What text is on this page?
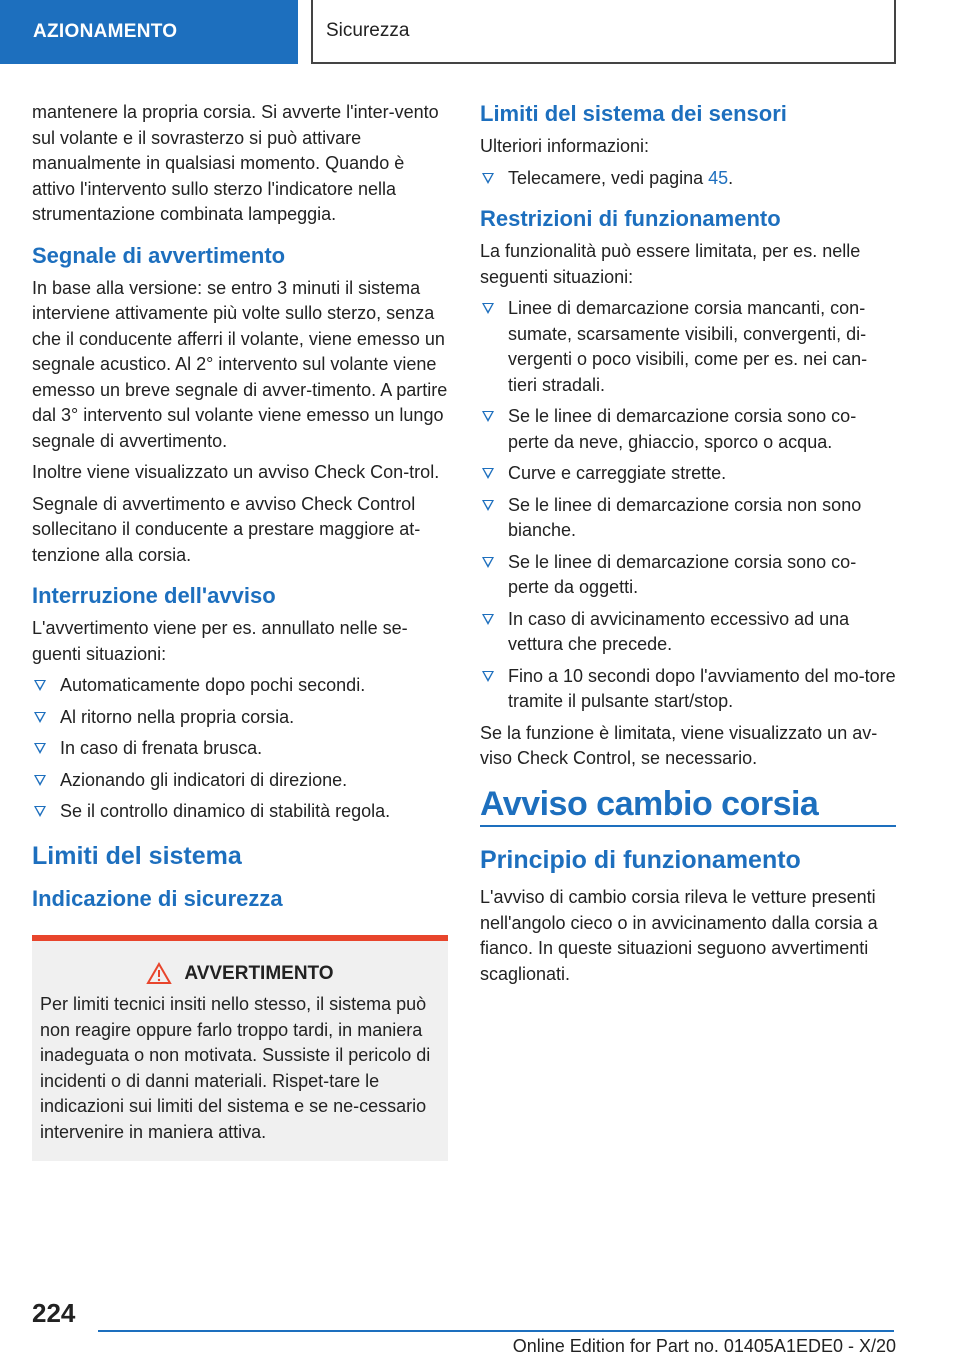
AZIONAMENTO	Sicurezza

mantenere la propria corsia. Si avverte l'inter-vento sul volante e il sovrasterzo si può attivare manualmente in qualsiasi momento. Quando è attivo l'intervento sullo sterzo l'indicatore nella strumentazione combinata lampeggia.

Segnale di avvertimento

In base alla versione: se entro 3 minuti il sistema interviene attivamente più volte sullo sterzo, senza che il conducente afferri il volante, viene emesso un segnale acustico. Al 2° intervento sul volante viene emesso un breve segnale di avver-timento. A partire dal 3° intervento sul volante viene emesso un lungo segnale di avvertimento.

Inoltre viene visualizzato un avviso Check Con-trol.

Segnale di avvertimento e avviso Check Control sollecitano il conducente a prestare maggiore at-tenzione alla corsia.

Interruzione dell'avviso

L'avvertimento viene per es. annullato nelle se-guenti situazioni:

Automaticamente dopo pochi secondi.
Al ritorno nella propria corsia.
In caso di frenata brusca.
Azionando gli indicatori di direzione.
Se il controllo dinamico di stabilità regola.
Limiti del sistema
Indicazione di sicurezza
AVVERTIMENTO

Per limiti tecnici insiti nello stesso, il sistema può non reagire oppure farlo troppo tardi, in maniera inadeguata o non motivata. Sussiste il pericolo di incidenti o di danni materiali. Rispet-tare le indicazioni sui limiti del sistema e se ne-cessario intervenire in maniera attiva.

Limiti del sistema dei sensori

Ulteriori informazioni:

Telecamere, vedi pagina 45.
Restrizioni di funzionamento

La funzionalità può essere limitata, per es. nelle seguenti situazioni:

Linee di demarcazione corsia mancanti, con-sumate, scarsamente visibili, convergenti, di-vergenti o poco visibili, come per es. nei can-tieri stradali.
Se le linee di demarcazione corsia sono co-perte da neve, ghiaccio, sporco o acqua.
Curve e carreggiate strette.
Se le linee di demarcazione corsia non sono bianche.
Se le linee di demarcazione corsia sono co-perte da oggetti.
In caso di avvicinamento eccessivo ad una vettura che precede.
Fino a 10 secondi dopo l'avviamento del mo-tore tramite il pulsante start/stop.

Se la funzione è limitata, viene visualizzato un av-viso Check Control, se necessario.

Avviso cambio corsia
Principio di funzionamento

L'avviso di cambio corsia rileva le vetture presenti nell'angolo cieco o in avvicinamento dalla corsia a fianco. In queste situazioni seguono avvertimenti scaglionati.

224
Online Edition for Part no. 01405A1EDE0 - X/20
